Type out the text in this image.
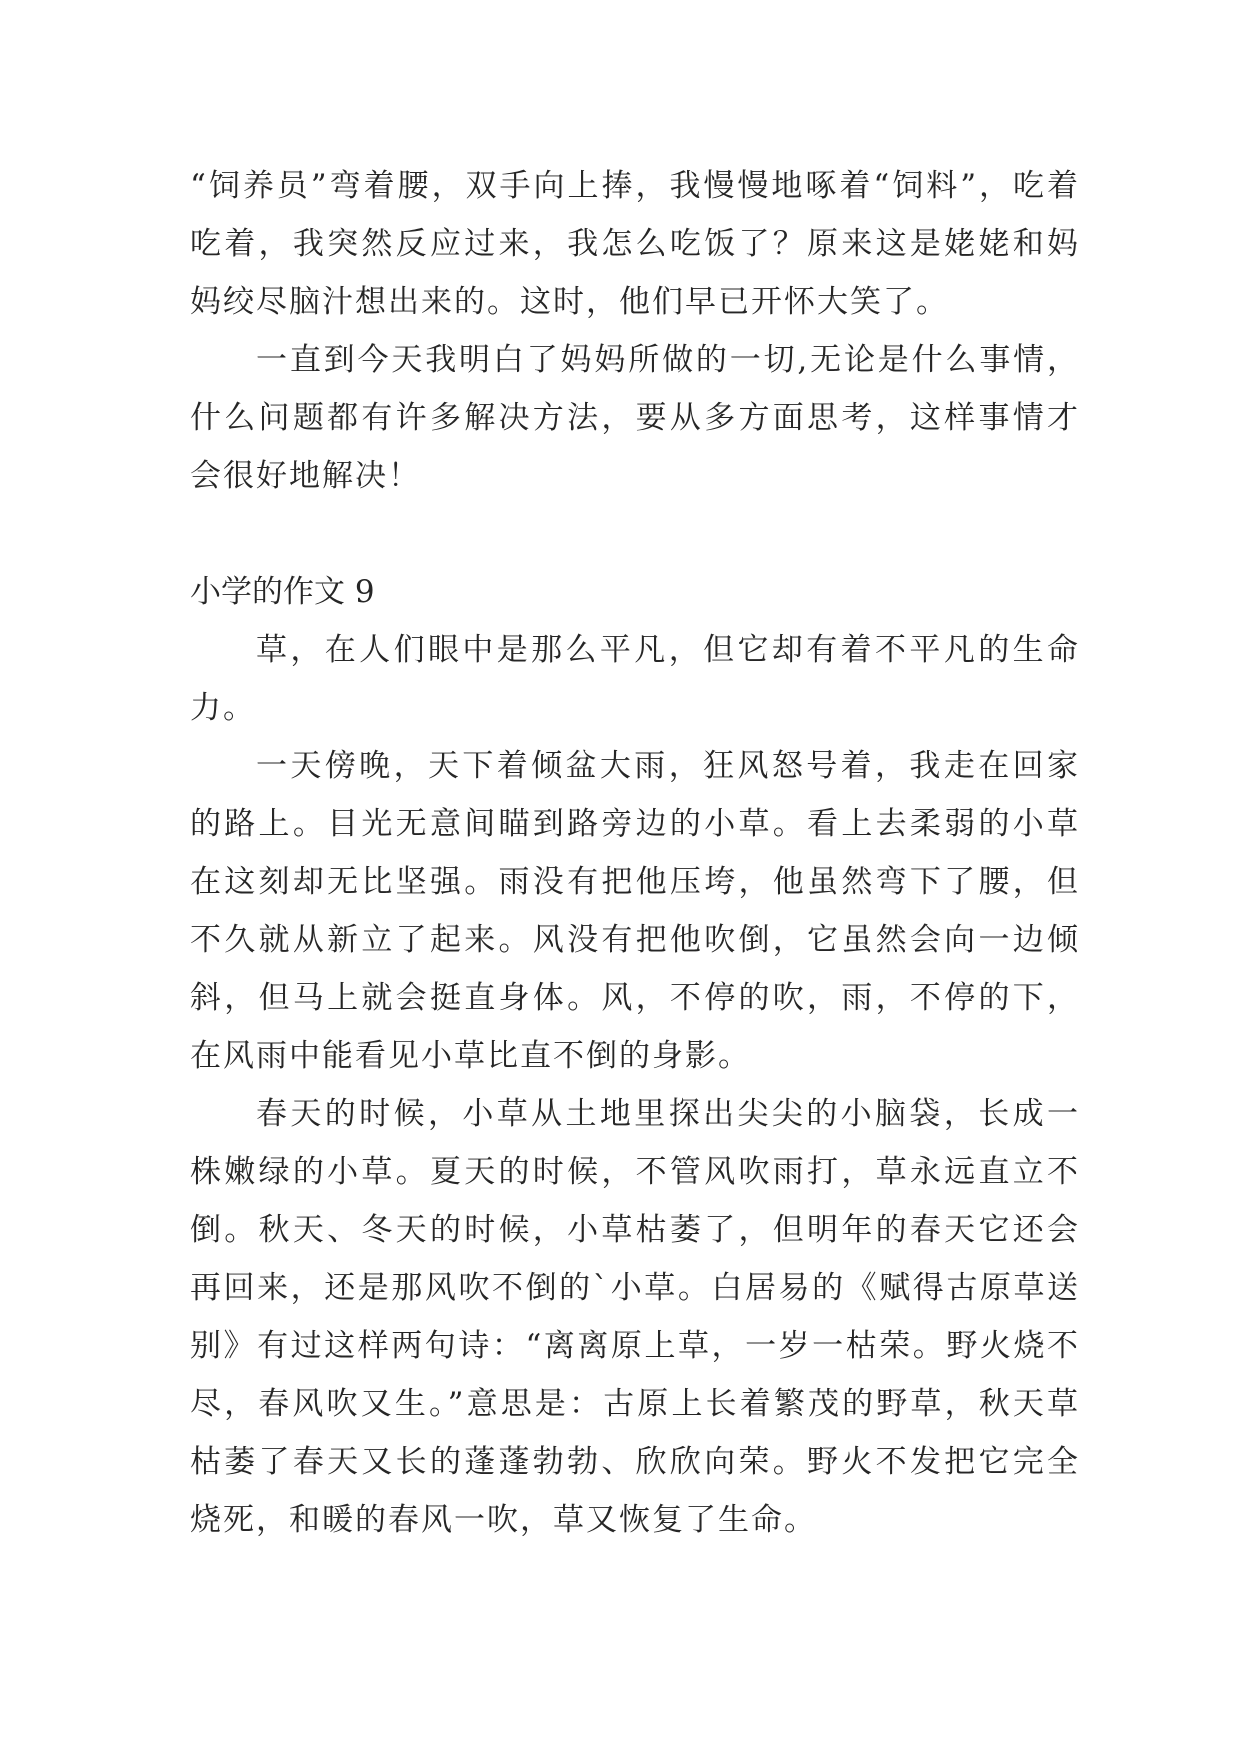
“饲养员”弯着腰，双手向上捧，我慢慢地啄着“饲料”，吃着吃着，我突然反应过来，我怎么吃饭了？原来这是姥姥和妈妈绞尽脑汁想出来的。这时，他们早已开怀大笑了。

一直到今天我明白了妈妈所做的一切,无论是什么事情，什么问题都有许多解决方法，要从多方面思考，这样事情才会很好地解决！

小学的作文 9

草，在人们眼中是那么平凡，但它却有着不平凡的生命力。

一天傍晚，天下着倾盆大雨，狂风怒号着，我走在回家的路上。目光无意间瞄到路旁边的小草。看上去柔弱的小草在这刻却无比坚强。雨没有把他压垮，他虽然弯下了腰，但不久就从新立了起来。风没有把他吹倒，它虽然会向一边倾斜，但马上就会挺直身体。风，不停的吹，雨，不停的下，在风雨中能看见小草比直不倒的身影。

春天的时候，小草从土地里探出尖尖的小脑袋，长成一株嫩绿的小草。夏天的时候，不管风吹雨打，草永远直立不倒。秋天、冬天的时候，小草枯萎了，但明年的春天它还会再回来，还是那风吹不倒的`小草。白居易的《赋得古原草送别》有过这样两句诗：“离离原上草，一岁一枯荣。野火烧不尽，春风吹又生。”意思是：古原上长着繁茂的野草，秋天草枯萎了春天又长的蓬蓬勃勃、欣欣向荣。野火不发把它完全烧死，和暖的春风一吹，草又恢复了生命。
